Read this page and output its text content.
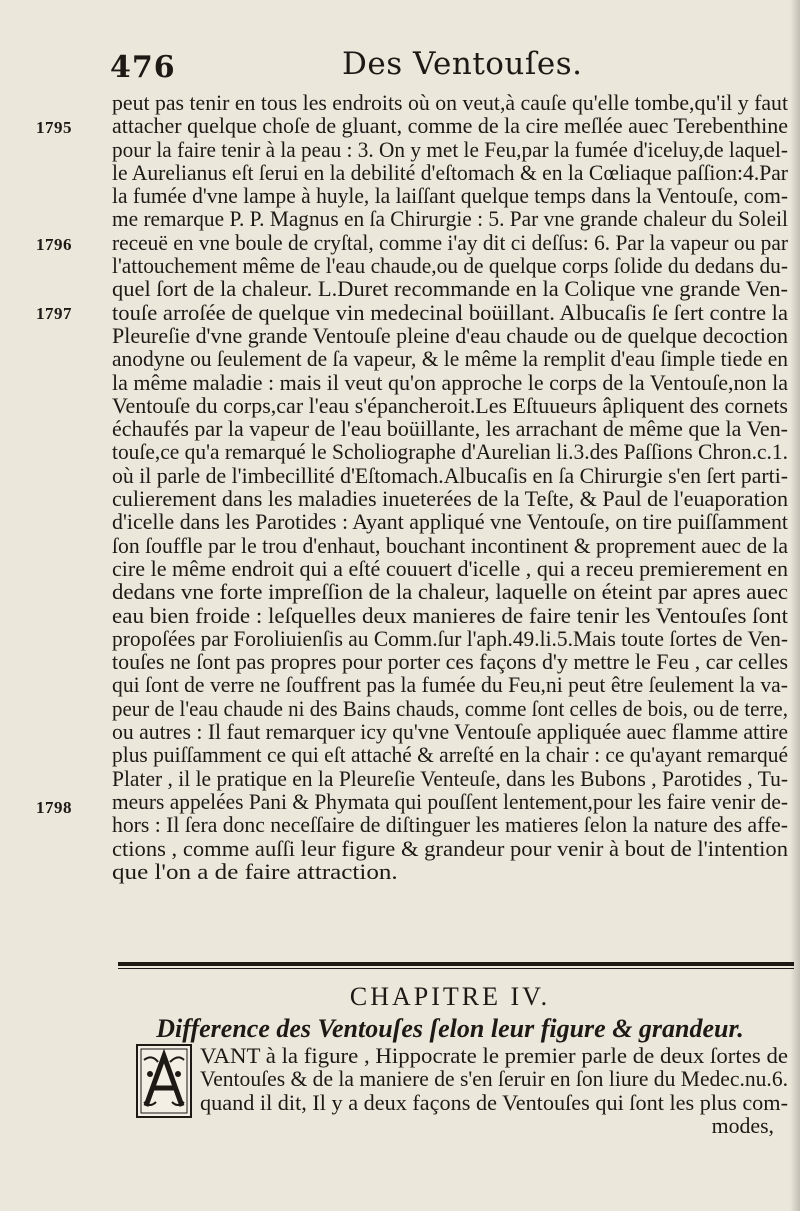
476	Des Ventouſes.
1795
1796
1797
1798
peut pas tenir en tous les endroits où on veut,à cauſe qu'elle tombe,qu'il y faut
attacher quelque choſe de gluant, comme de la cire meſlée auec Terebenthine
pour la faire tenir à la peau : 3. On y met le Feu,par la fumée d'iceluy,de laquel-
le Aurelianus eſt ſerui en la debilité d'eſtomach & en la Cœliaque paſſion:4.Par
la fumée d'vne lampe à huyle, la laiſſant quelque temps dans la Ventouſe, com-
me remarque P. P. Magnus en ſa Chirurgie : 5. Par vne grande chaleur du Soleil
receuë en vne boule de cryſtal, comme i'ay dit ci deſſus: 6. Par la vapeur ou par
l'attouchement même de l'eau chaude,ou de quelque corps ſolide du dedans du-
quel ſort de la chaleur. L.Duret recommande en la Colique vne grande Ven-
touſe arroſée de quelque vin medecinal boüillant. Albucaſis ſe ſert contre la
Pleureſie d'vne grande Ventouſe pleine d'eau chaude ou de quelque decoction
anodyne ou ſeulement de ſa vapeur, & le même la remplit d'eau ſimple tiede en
la même maladie : mais il veut qu'on approche le corps de la Ventouſe,non la
Ventouſe du corps,car l'eau s'épancheroit.Les Eſtuueurs âpliquent des cornets
échaufés par la vapeur de l'eau boüillante, les arrachant de même que la Ven-
touſe,ce qu'a remarqué le Scholiographe d'Aurelian li.3.des Paſſions Chron.c.1.
où il parle de l'imbecillité d'Eſtomach.Albucaſis en ſa Chirurgie s'en ſert parti-
culierement dans les maladies inueterées de la Teſte, & Paul de l'euaporation
d'icelle dans les Parotides : Ayant appliqué vne Ventouſe, on tire puiſſamment
ſon ſouffle par le trou d'enhaut, bouchant incontinent & proprement auec de la
cire le même endroit qui a eſté couuert d'icelle , qui a receu premierement en
dedans vne forte impreſſion de la chaleur, laquelle on éteint par apres auec
eau bien froide : leſquelles deux manieres de faire tenir les Ventouſes ſont
propoſées par Foroliuienſis au Comm.ſur l'aph.49.li.5.Mais toute ſortes de Ven-
touſes ne ſont pas propres pour porter ces façons d'y mettre le Feu , car celles
qui ſont de verre ne ſouffrent pas la fumée du Feu,ni peut être ſeulement la va-
peur de l'eau chaude ni des Bains chauds, comme ſont celles de bois, ou de terre,
ou autres : Il faut remarquer icy qu'vne Ventouſe appliquée auec flamme attire
plus puiſſamment ce qui eſt attaché & arreſté en la chair : ce qu'ayant remarqué
Plater , il le pratique en la Pleureſie Venteuſe, dans les Bubons , Parotides , Tu-
meurs appelées Pani & Phymata qui pouſſent lentement,pour les faire venir de-
hors : Il ſera donc neceſſaire de diſtinguer les matieres ſelon la nature des affe-
ctions , comme auſſi leur figure & grandeur pour venir à bout de l'intention
que l'on a de faire attraction.
CHAPITRE IV.
Difference des Ventouſes ſelon leur figure & grandeur.
VANT à la figure , Hippocrate le premier parle de deux ſortes de
Ventouſes & de la maniere de s'en ſeruir en ſon liure du Medec.nu.6.
quand il dit, Il y a deux façons de Ventouſes qui ſont les plus com-
modes,
